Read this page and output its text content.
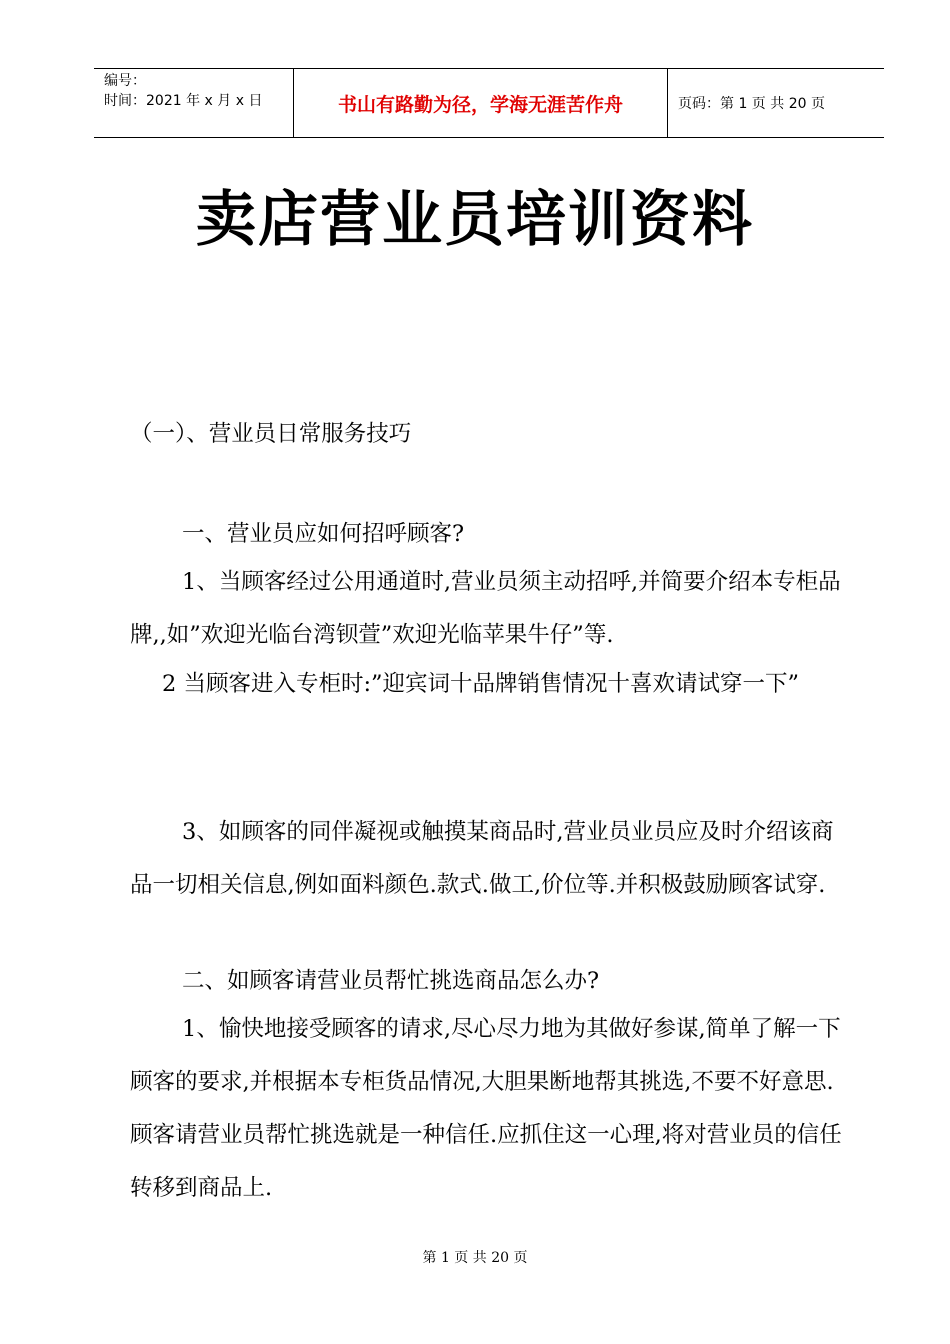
编号：
时间：2021 年 x 月 x 日	书山有路勤为径，学海无涯苦作舟	页码：第 1 页 共 20 页
卖店营业员培训资料

（一）、营业员日常服务技巧

一、营业员应如何招呼顾客?

1、当顾客经过公用通道时,营业员须主动招呼,并简要介绍本专柜品牌,,如”欢迎光临台湾钡萱”欢迎光临苹果牛仔”等.

2 当顾客进入专柜时:”迎宾词十品牌销售情况十喜欢请试穿一下”

3、如顾客的同伴凝视或触摸某商品时,营业员业员应及时介绍该商品一切相关信息,例如面料颜色.款式.做工,价位等.并积极鼓励顾客试穿.

二、如顾客请营业员帮忙挑选商品怎么办?

1、愉快地接受顾客的请求,尽心尽力地为其做好参谋,简单了解一下顾客的要求,并根据本专柜货品情况,大胆果断地帮其挑选,不要不好意思.顾客请营业员帮忙挑选就是一种信任.应抓住这一心理,将对营业员的信任转移到商品上.

第 1 页 共 20 页
